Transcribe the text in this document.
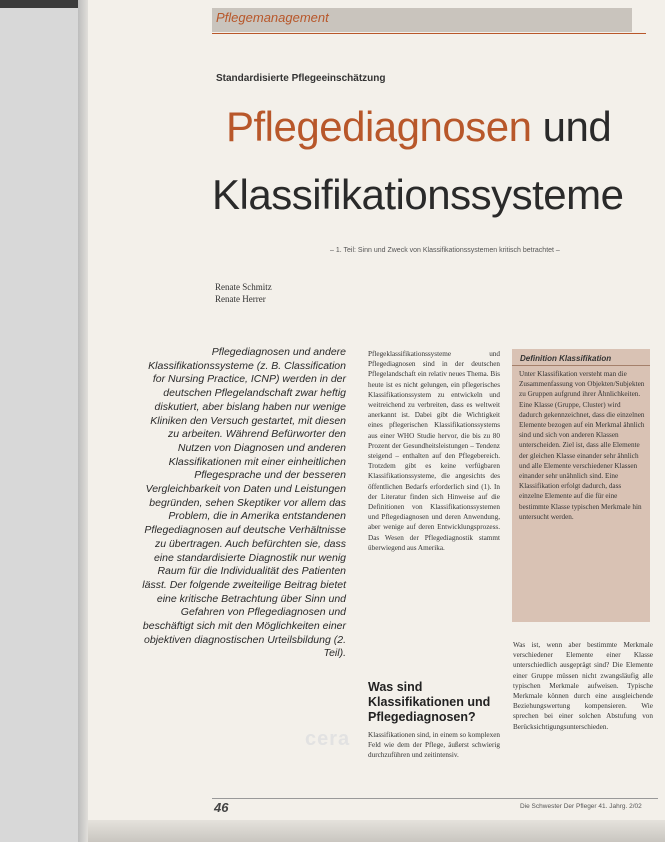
Pflegemanagement
Standardisierte Pflegeeinschätzung
Pflegediagnosen und
Klassifikationssysteme
– 1. Teil: Sinn und Zweck von Klassifikationssystemen kritisch betrachtet –
Renate Schmitz
Renate Herrer
Pflegediagnosen und andere Klassifikationssysteme (z. B. Classification for Nursing Practice, ICNP) werden in der deutschen Pflegelandschaft zwar heftig diskutiert, aber bislang haben nur wenige Kliniken den Versuch gestartet, mit diesen zu arbeiten. Während Befürworter den Nutzen von Diagnosen und anderen Klassifikationen mit einer einheitlichen Pflegesprache und der besseren Vergleichbarkeit von Daten und Leistungen begründen, sehen Skeptiker vor allem das Problem, die in Amerika entstandenen Pflegediagnosen auf deutsche Verhältnisse zu übertragen. Auch befürchten sie, dass eine standardisierte Diagnostik nur wenig Raum für die Individualität des Patienten lässt. Der folgende zweiteilige Beitrag bietet eine kritische Betrachtung über Sinn und Gefahren von Pflegediagnosen und beschäftigt sich mit den Möglichkeiten einer objektiven diagnostischen Urteilsbildung (2. Teil).
Pflegeklassifikationssysteme und Pflegediagnosen sind in der deutschen Pflegelandschaft ein relativ neues Thema. Bis heute ist es nicht gelungen, ein pflegerisches Klassifikationssystem zu entwickeln und weitreichend zu verbreiten, dass es weltweit anerkannt ist. Dabei gibt die Wichtigkeit eines pflegerischen Klassifikationssystems aus einer WHO Studie hervor, die bis zu 80 Prozent der Gesundheitsleistungen – Tendenz steigend – enthalten auf den Pflegebereich. Trotzdem gibt es keine verfügbaren Klassifikationssysteme, die angesichts des öffentlichen Bedarfs erforderlich sind (1). In der Literatur finden sich Hinweise auf die Definitionen von Klassifikationssystemen und Pflegediagnosen und deren Anwendung, aber wenige auf deren Entwicklungsprozess. Das Wesen der Pflegediagnostik stammt überwiegend aus Amerika.
cera
Was sind Klassifikationen und Pflegediagnosen?
Klassifikationen sind, in einem so komplexen Feld wie dem der Pflege, äußerst schwierig durchzuführen und zeitintensiv.
Definition Klassifikation
Unter Klassifikation versteht man die Zusammenfassung von Objekten/Subjekten zu Gruppen aufgrund ihrer Ähnlichkeiten. Eine Klasse (Gruppe, Cluster) wird dadurch gekennzeichnet, dass die einzelnen Elemente bezogen auf ein Merkmal ähnlich sind und sich von anderen Klassen unterscheiden. Ziel ist, dass alle Elemente der gleichen Klasse einander sehr ähnlich und alle Elemente verschiedener Klassen einander sehr unähnlich sind. Eine Klassifikation erfolgt dadurch, dass einzelne Elemente auf die für eine bestimmte Klasse typischen Merkmale hin untersucht werden.
Was ist, wenn aber bestimmte Merkmale verschiedener Elemente einer Klasse unterschiedlich ausgeprägt sind? Die Elemente einer Gruppe müssen nicht zwangsläufig alle typischen Merkmale aufweisen. Typische Merkmale können durch eine ausgleichende Beziehungswertung kompensieren. Wie sprechen bei einer solchen Abstufung von Berücksichtigungsunterschieden.
46	Die Schwester Der Pfleger 41. Jahrg. 2/02
